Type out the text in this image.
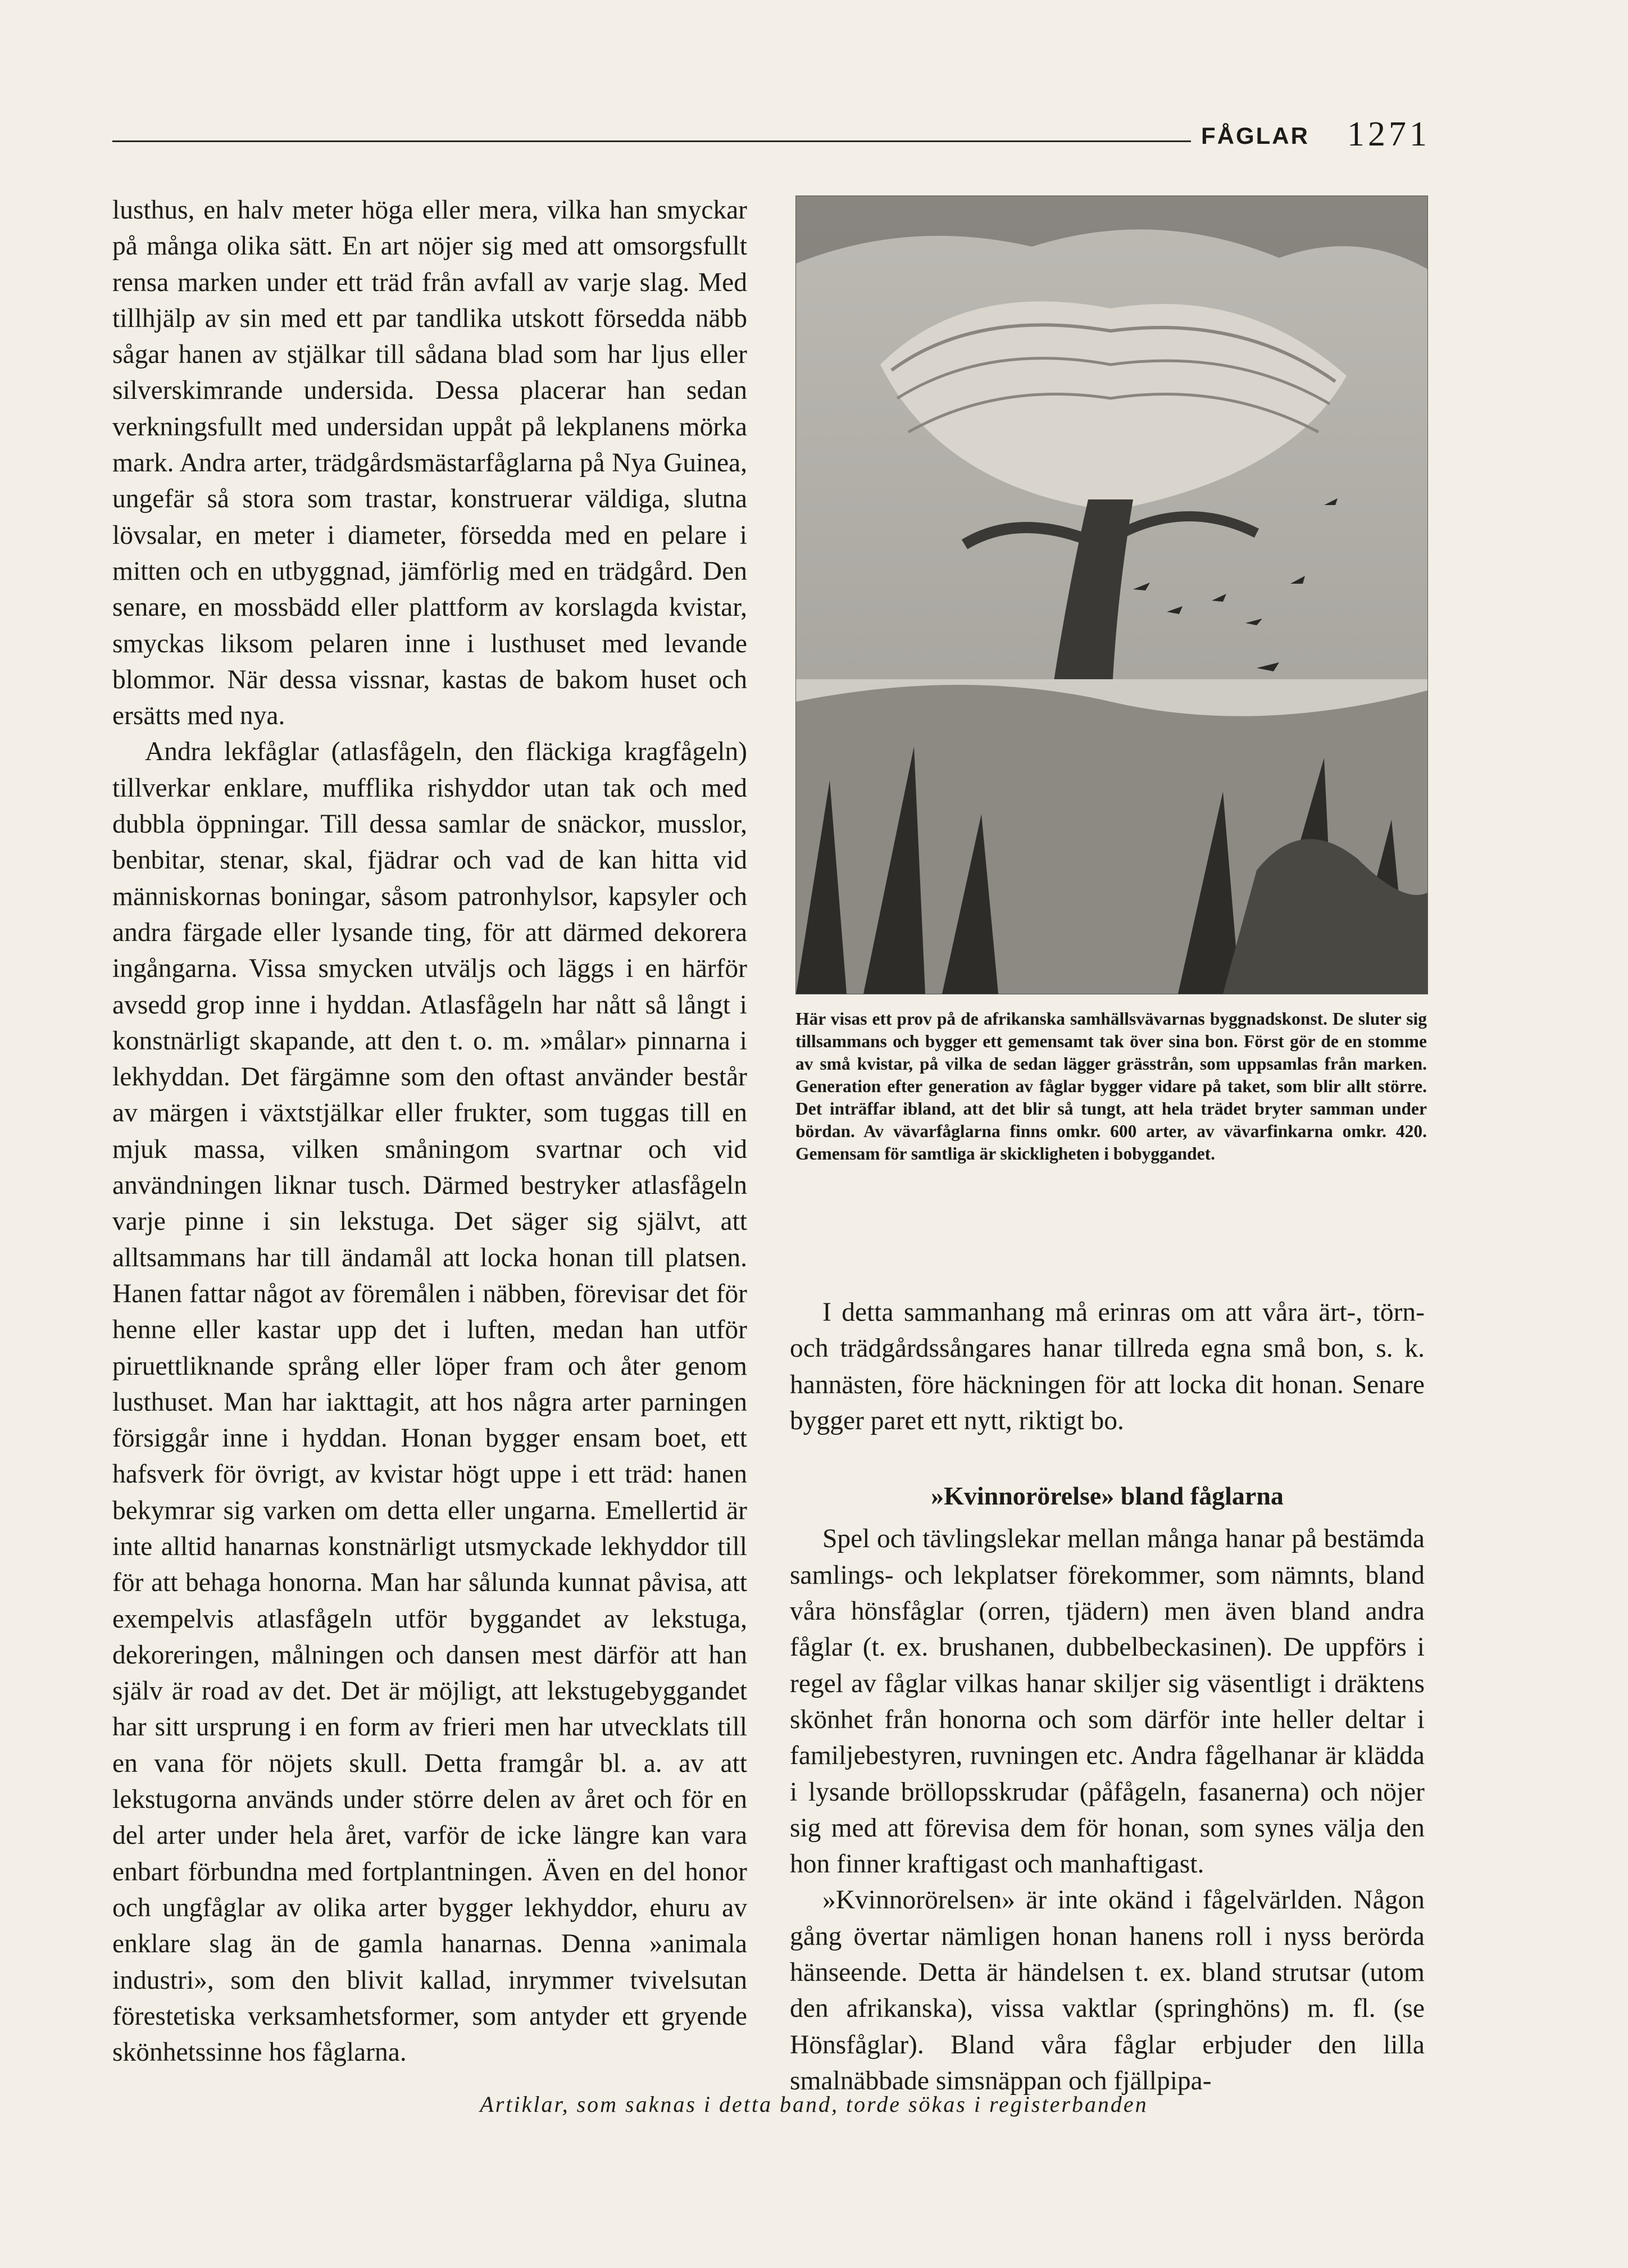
FÅGLAR 1271

lusthus, en halv meter höga eller mera, vilka han smyckar på många olika sätt. En art nöjer sig med att omsorgsfullt rensa marken under ett träd från avfall av varje slag. Med tillhjälp av sin med ett par tandlika utskott försedda näbb sågar hanen av stjälkar till sådana blad som har ljus eller silverskimrande undersida. Dessa placerar han sedan verkningsfullt med undersidan uppåt på lekplanens mörka mark. Andra arter, trädgårdsmästarfåglarna på Nya Guinea, ungefär så stora som trastar, konstruerar väldiga, slutna lövsalar, en meter i diameter, försedda med en pelare i mitten och en utbyggnad, jämförlig med en trädgård. Den senare, en mossbädd eller plattform av korslagda kvistar, smyckas liksom pelaren inne i lusthuset med levande blommor. När dessa vissnar, kastas de bakom huset och ersätts med nya.

Andra lekfåglar (atlasfågeln, den fläckiga kragfågeln) tillverkar enklare, mufflika rishyddor utan tak och med dubbla öppningar. Till dessa samlar de snäckor, musslor, benbitar, stenar, skal, fjädrar och vad de kan hitta vid människornas boningar, såsom patronhylsor, kapsyler och andra färgade eller lysande ting, för att därmed dekorera ingångarna. Vissa smycken utväljs och läggs i en härför avsedd grop inne i hyddan. Atlasfågeln har nått så långt i konstnärligt skapande, att den t. o. m. »målar» pinnarna i lekhyddan. Det färgämne som den oftast använder består av märgen i växtstjälkar eller frukter, som tuggas till en mjuk massa, vilken småningom svartnar och vid användningen liknar tusch. Därmed bestryker atlasfågeln varje pinne i sin lekstuga. Det säger sig självt, att alltsammans har till ändamål att locka honan till platsen. Hanen fattar något av föremålen i näbben, förevisar det för henne eller kastar upp det i luften, medan han utför piruettliknande språng eller löper fram och åter genom lusthuset. Man har iakttagit, att hos några arter parningen försiggår inne i hyddan. Honan bygger ensam boet, ett hafsverk för övrigt, av kvistar högt uppe i ett träd: hanen bekymrar sig varken om detta eller ungarna. Emellertid är inte alltid hanarnas konstnärligt utsmyckade lekhyddor till för att behaga honorna. Man har sålunda kunnat påvisa, att exempelvis atlasfågeln utför byggandet av lekstuga, dekoreringen, målningen och dansen mest därför att han själv är road av det. Det är möjligt, att lekstugebyggandet har sitt ursprung i en form av frieri men har utvecklats till en vana för nöjets skull. Detta framgår bl. a. av att lekstugorna används under större delen av året och för en del arter under hela året, varför de icke längre kan vara enbart förbundna med fortplantningen. Även en del honor och ungfåglar av olika arter bygger lekhyddor, ehuru av enklare slag än de gamla hanarnas. Denna »animala industri», som den blivit kallad, inrymmer tvivelsutan förestetiska verksamhetsformer, som antyder ett gryende skönhetssinne hos fåglarna.

Här visas ett prov på de afrikanska samhällsvävarnas byggnadskonst. De sluter sig tillsammans och bygger ett gemensamt tak över sina bon. Först gör de en stomme av små kvistar, på vilka de sedan lägger grässtrån, som uppsamlas från marken. Generation efter generation av fåglar bygger vidare på taket, som blir allt större. Det inträffar ibland, att det blir så tungt, att hela trädet bryter samman under bördan. Av vävarfåglarna finns omkr. 600 arter, av vävarfinkarna omkr. 420. Gemensam för samtliga är skickligheten i bobyggandet.

I detta sammanhang må erinras om att våra ärt-, törn- och trädgårdssångares hanar tillreda egna små bon, s. k. hannästen, före häckningen för att locka dit honan. Senare bygger paret ett nytt, riktigt bo.

»Kvinnorörelse» bland fåglarna

Spel och tävlingslekar mellan många hanar på bestämda samlings- och lekplatser förekommer, som nämnts, bland våra hönsfåglar (orren, tjädern) men även bland andra fåglar (t. ex. brushanen, dubbelbeckasinen). De uppförs i regel av fåglar vilkas hanar skiljer sig väsentligt i dräktens skönhet från honorna och som därför inte heller deltar i familjebestyren, ruvningen etc. Andra fågelhanar är klädda i lysande bröllopsskrudar (påfågeln, fasanerna) och nöjer sig med att förevisa dem för honan, som synes välja den hon finner kraftigast och manhaftigast.

»Kvinnorörelsen» är inte okänd i fågelvärlden. Någon gång övertar nämligen honan hanens roll i nyss berörda hänseende. Detta är händelsen t. ex. bland strutsar (utom den afrikanska), vissa vaktlar (springhöns) m. fl. (se Hönsfåglar). Bland våra fåglar erbjuder den lilla smalnäbbade simsnäppan och fjällpipa-

Artiklar, som saknas i detta band, torde sökas i registerbanden
